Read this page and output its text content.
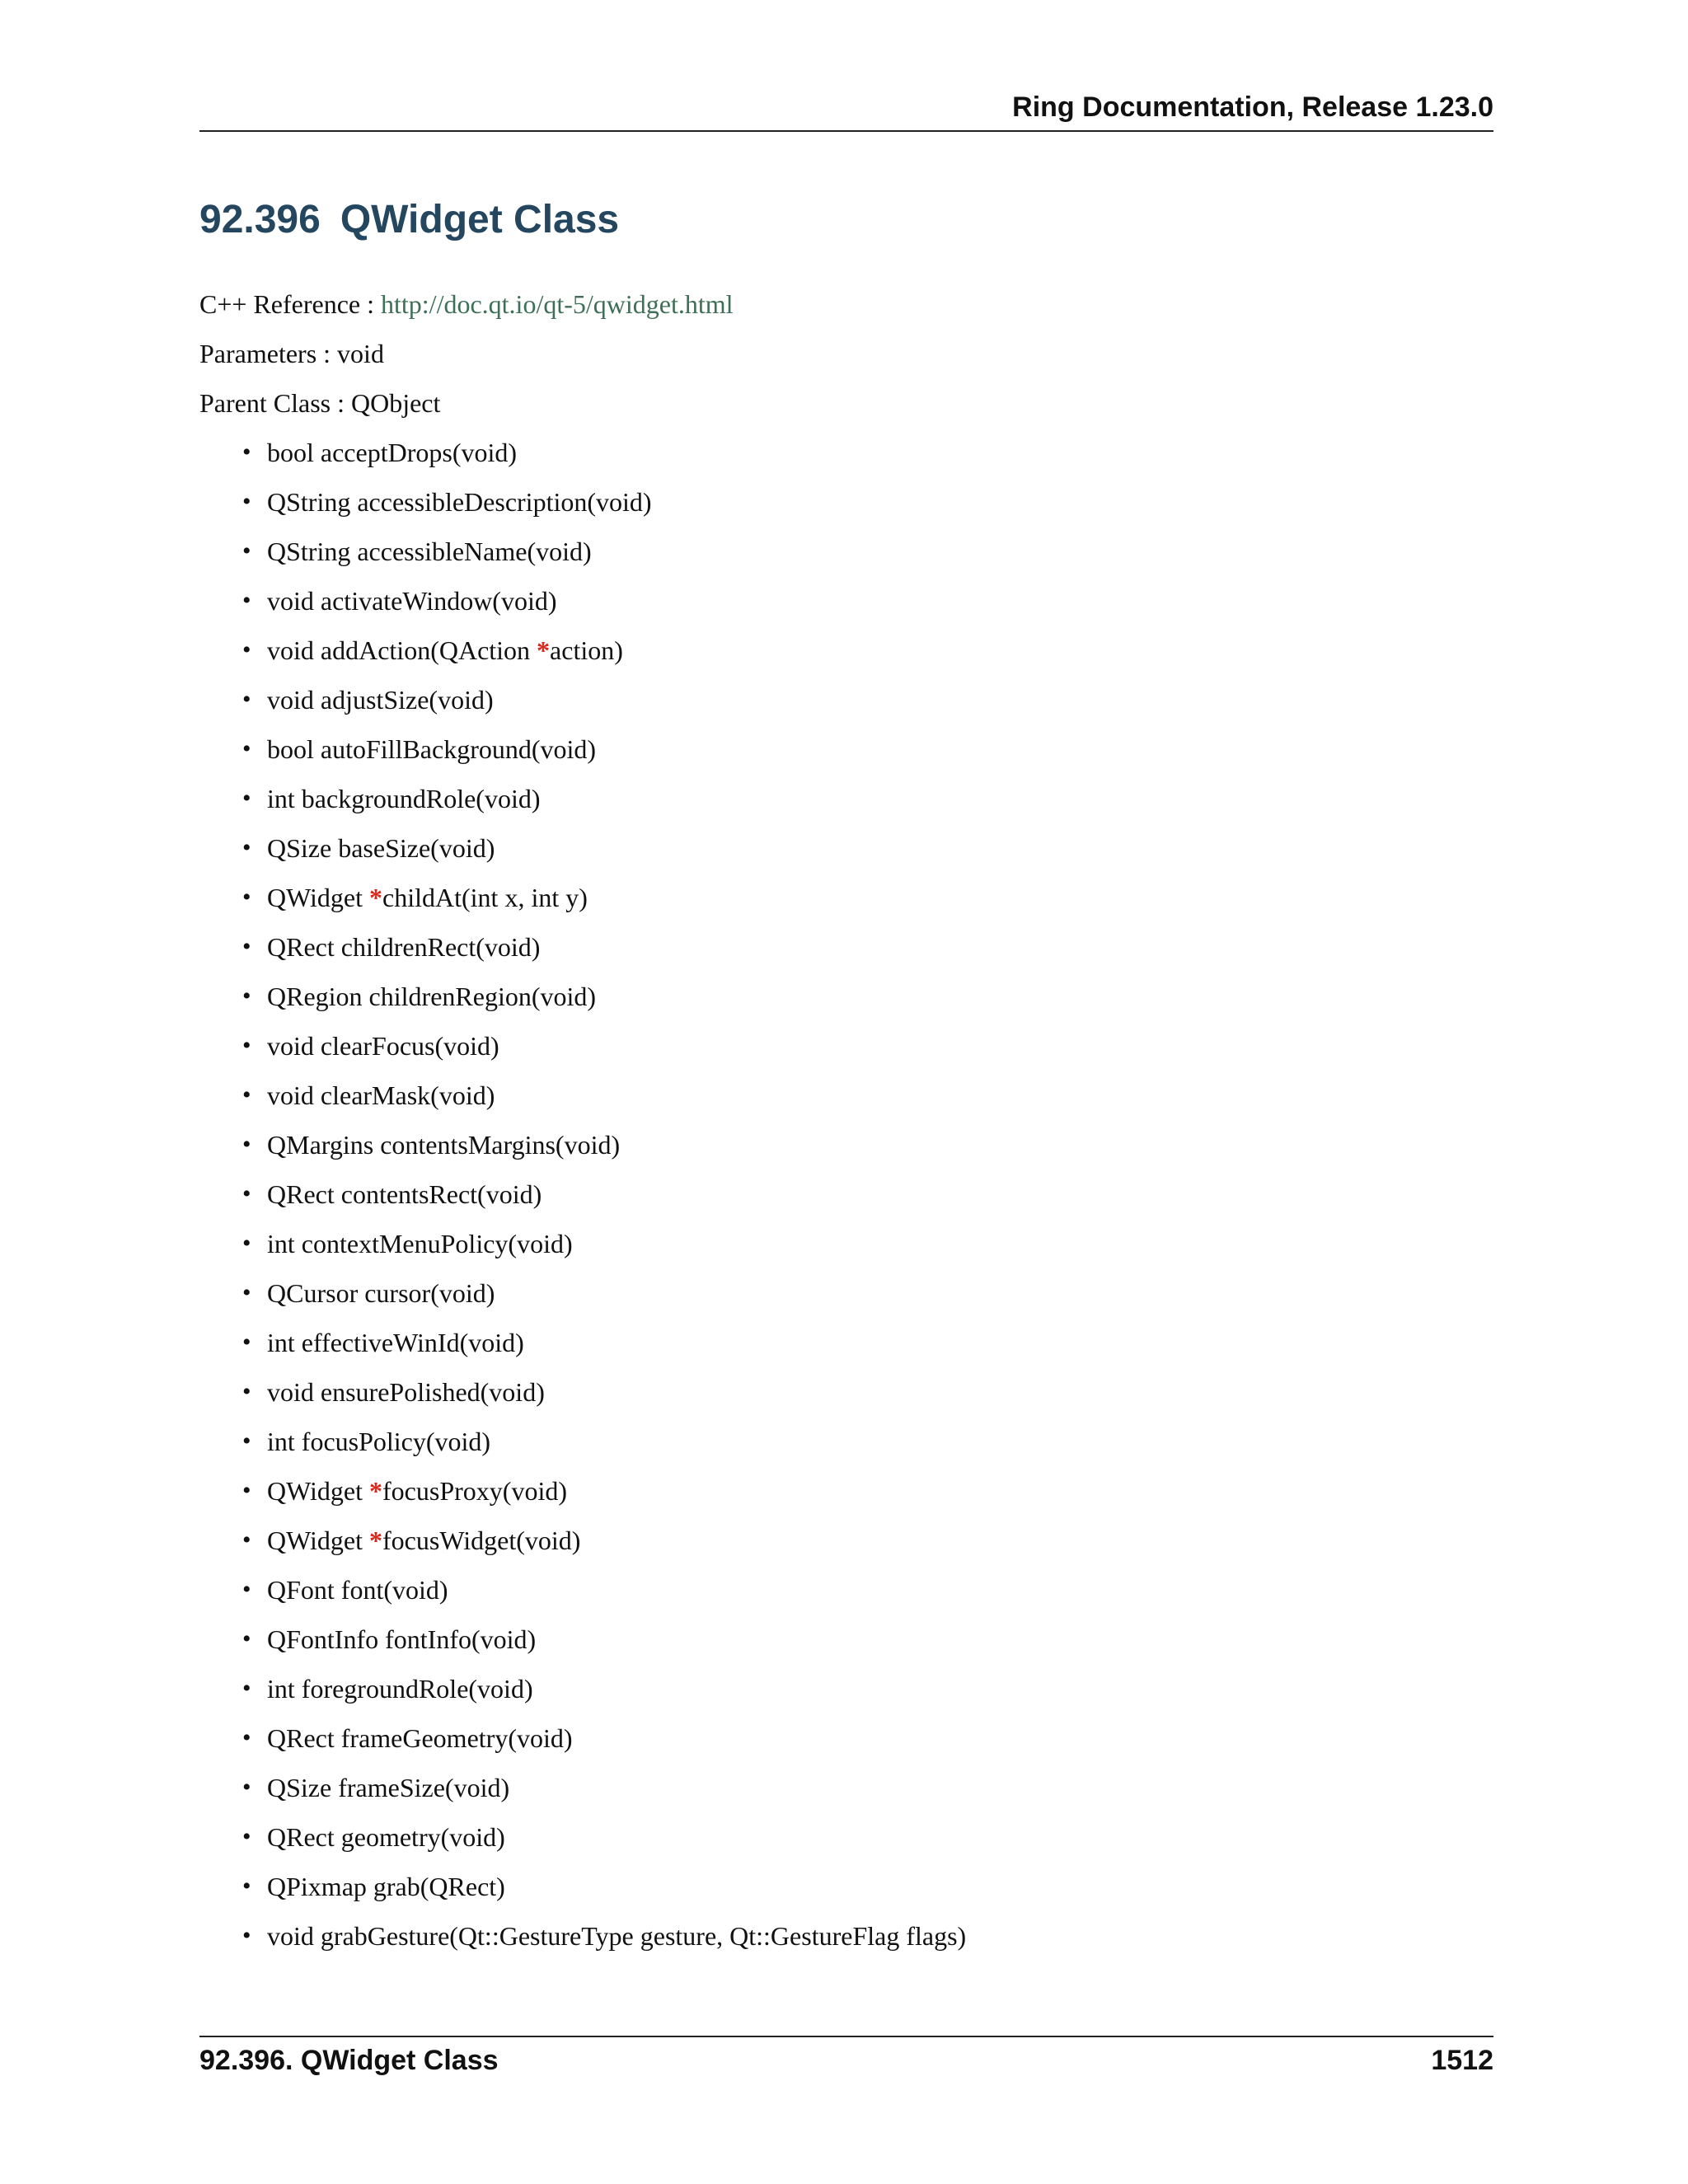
Ring Documentation, Release 1.23.0
92.396 QWidget Class
C++ Reference : http://doc.qt.io/qt-5/qwidget.html
Parameters : void
Parent Class : QObject
• bool acceptDrops(void)
• QString accessibleDescription(void)
• QString accessibleName(void)
• void activateWindow(void)
• void addAction(QAction *action)
• void adjustSize(void)
• bool autoFillBackground(void)
• int backgroundRole(void)
• QSize baseSize(void)
• QWidget *childAt(int x, int y)
• QRect childrenRect(void)
• QRegion childrenRegion(void)
• void clearFocus(void)
• void clearMask(void)
• QMargins contentsMargins(void)
• QRect contentsRect(void)
• int contextMenuPolicy(void)
• QCursor cursor(void)
• int effectiveWinId(void)
• void ensurePolished(void)
• int focusPolicy(void)
• QWidget *focusProxy(void)
• QWidget *focusWidget(void)
• QFont font(void)
• QFontInfo fontInfo(void)
• int foregroundRole(void)
• QRect frameGeometry(void)
• QSize frameSize(void)
• QRect geometry(void)
• QPixmap grab(QRect)
• void grabGesture(Qt::GestureType gesture, Qt::GestureFlag flags)
92.396. QWidget Class	1512
